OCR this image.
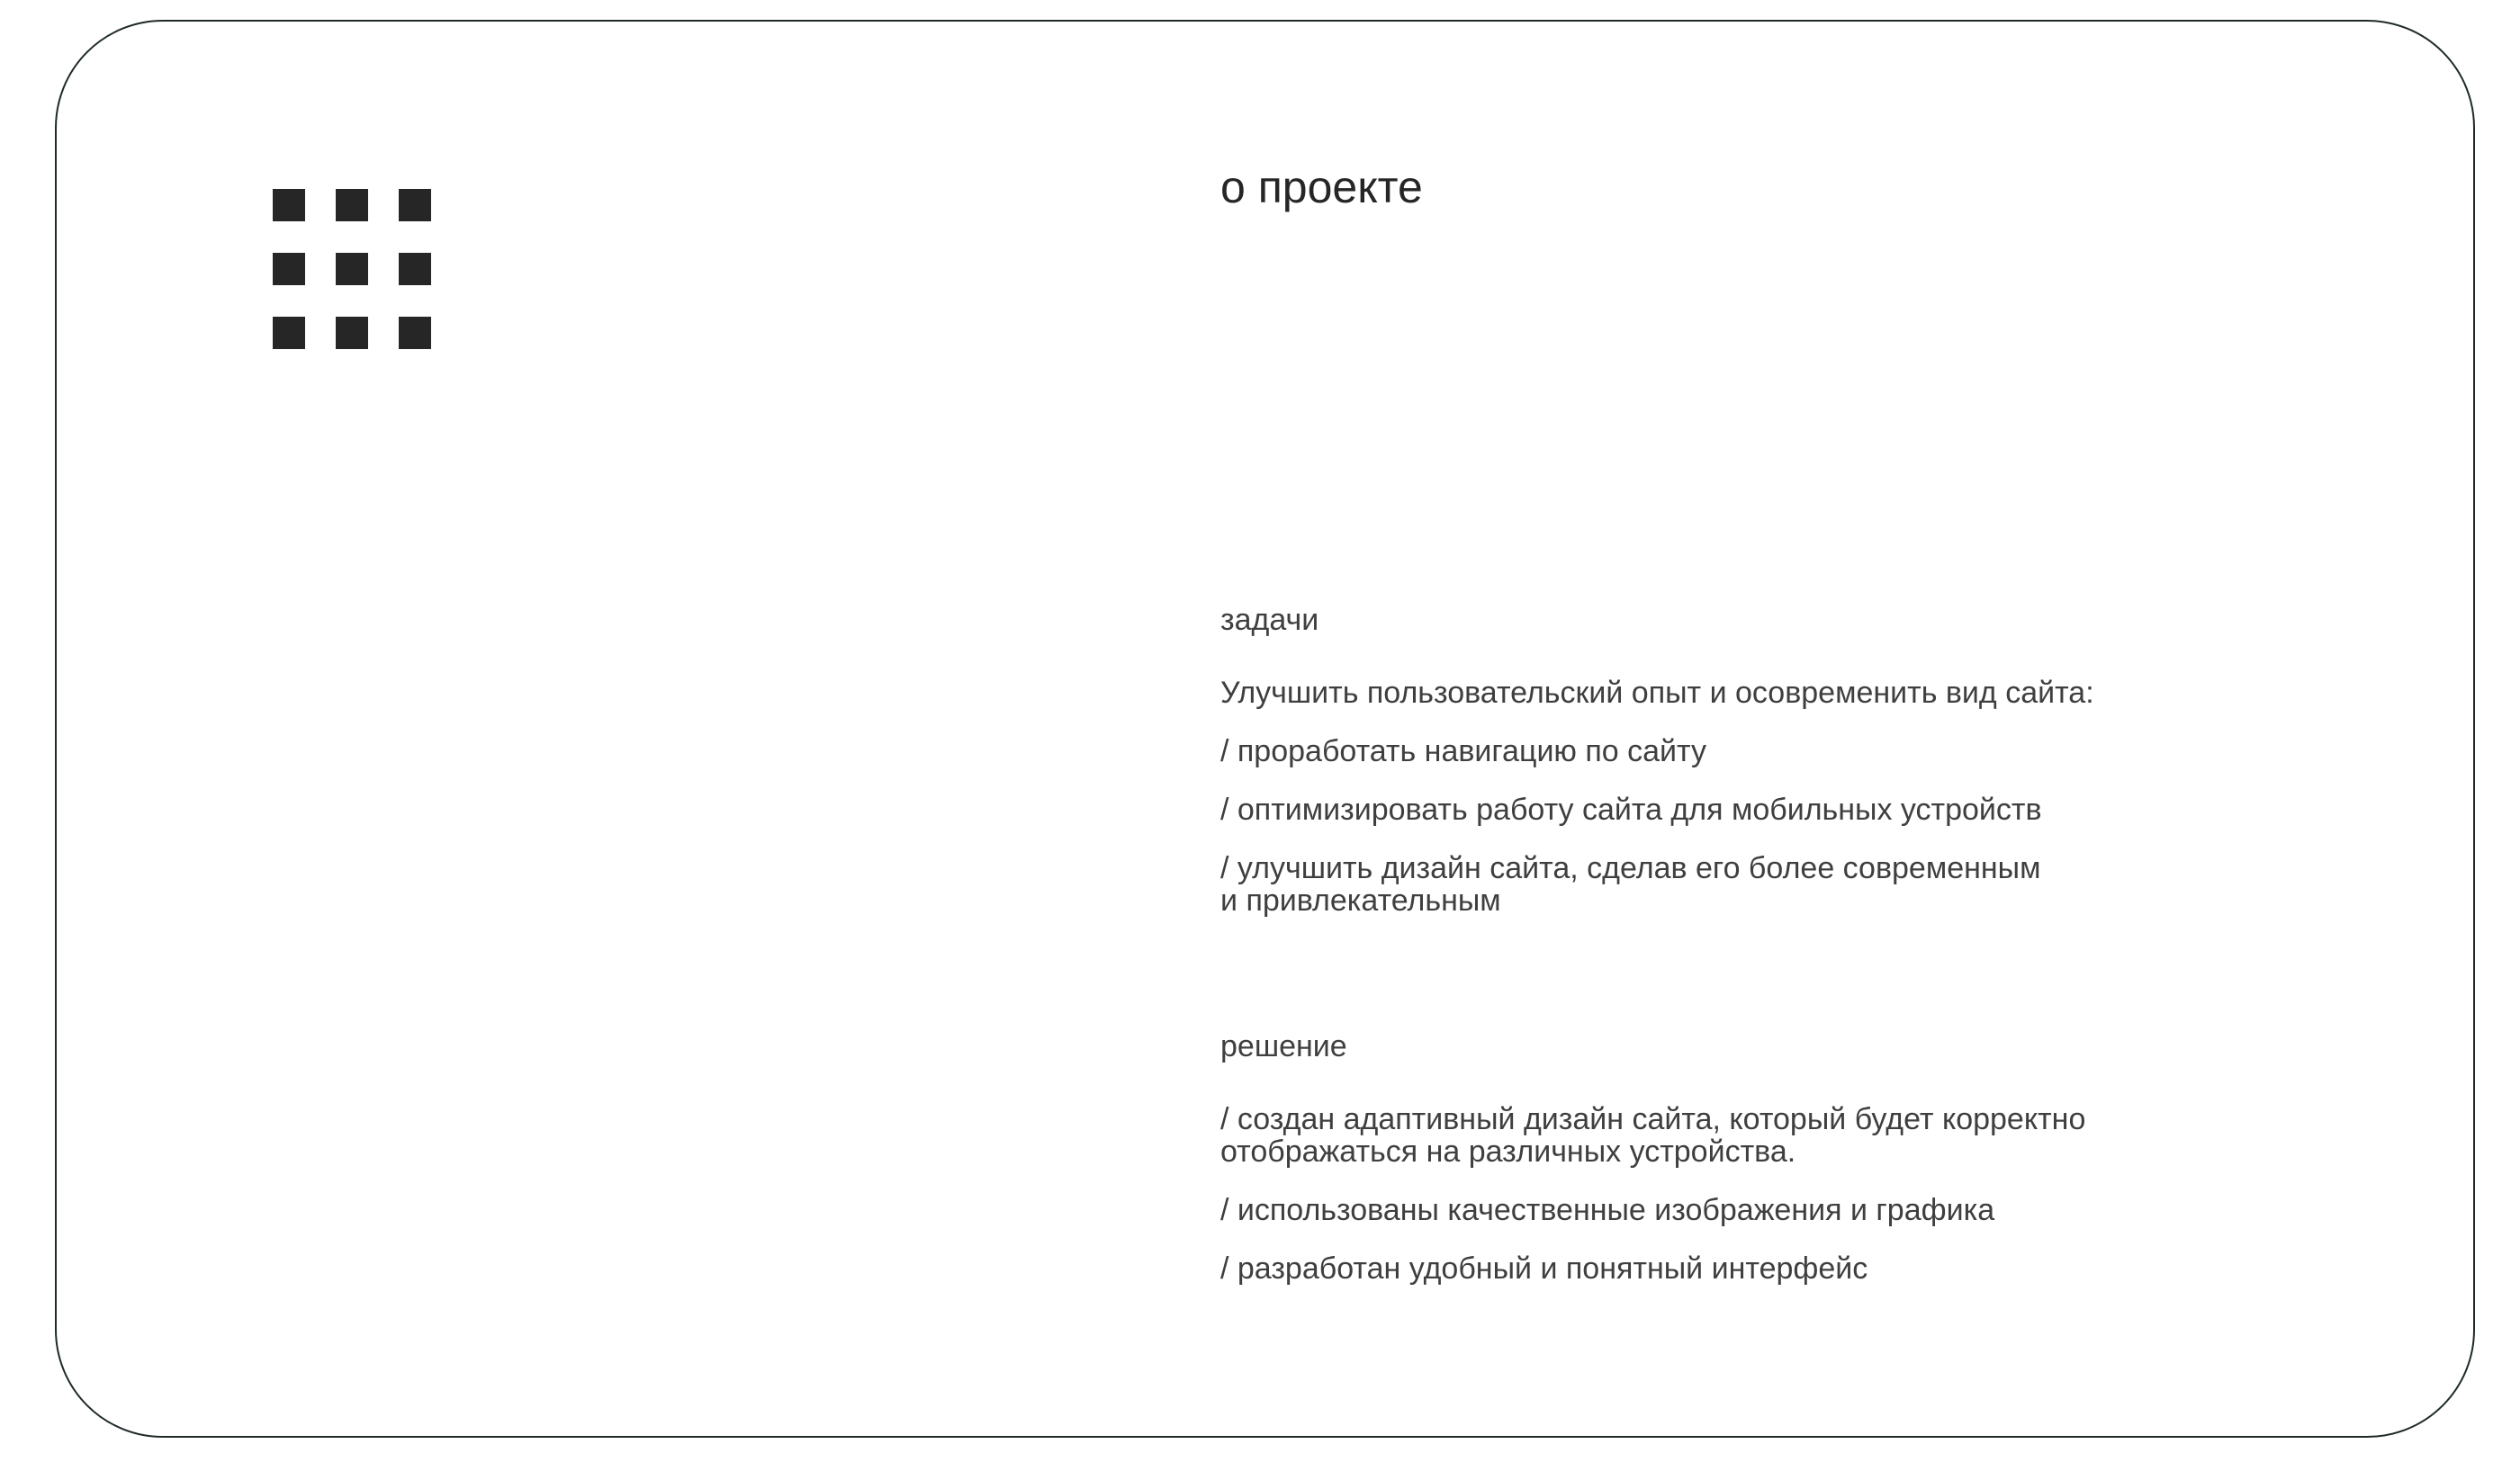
о проекте

задачи

Улучшить пользовательский опыт и осовременить вид сайта:

/ проработать навигацию по сайту

/ оптимизировать работу сайта для мобильных устройств

/ улучшить дизайн сайта, сделав его более современным

и привлекательным

решение

/ создан адаптивный дизайн сайта, который будет корректно

отображаться на различных устройства.

/ использованы качественные изображения и графика

/ разработан удобный и понятный интерфейс
